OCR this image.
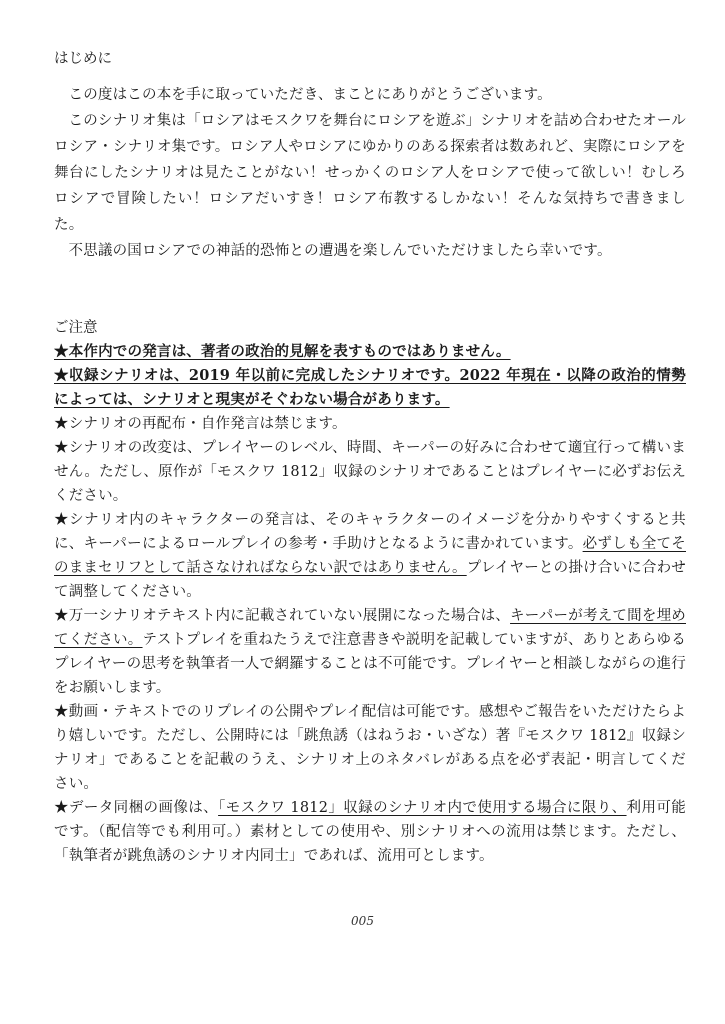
はじめに

この度はこの本を手に取っていただき、まことにありがとうございます。

このシナリオ集は「ロシアはモスクワを舞台にロシアを遊ぶ」シナリオを詰め合わせたオールロシア・シナリオ集です。ロシア人やロシアにゆかりのある探索者は数あれど、実際にロシアを舞台にしたシナリオは見たことがない！せっかくのロシア人をロシアで使って欲しい！むしろロシアで冒険したい！ロシアだいすき！ロシア布教するしかない！そんな気持ちで書きました。

不思議の国ロシアでの神話的恐怖との遭遇を楽しんでいただけましたら幸いです。

ご注意

★本作内での発言は、著者の政治的見解を表すものではありません。

★収録シナリオは、2019 年以前に完成したシナリオです。2022 年現在・以降の政治的情勢によっては、シナリオと現実がそぐわない場合があります。

★シナリオの再配布・自作発言は禁じます。

★シナリオの改変は、プレイヤーのレベル、時間、キーパーの好みに合わせて適宜行って構いません。ただし、原作が「モスクワ 1812」収録のシナリオであることはプレイヤーに必ずお伝えください。

★シナリオ内のキャラクターの発言は、そのキャラクターのイメージを分かりやすくすると共に、キーパーによるロールプレイの参考・手助けとなるように書かれています。必ずしも全てそのままセリフとして話さなければならない訳ではありません。プレイヤーとの掛け合いに合わせて調整してください。

★万一シナリオテキスト内に記載されていない展開になった場合は、キーパーが考えて間を埋めてください。テストプレイを重ねたうえで注意書きや説明を記載していますが、ありとあらゆるプレイヤーの思考を執筆者一人で網羅することは不可能です。プレイヤーと相談しながらの進行をお願いします。

★動画・テキストでのリプレイの公開やプレイ配信は可能です。感想やご報告をいただけたらより嬉しいです。ただし、公開時には「跳魚誘（はねうお・いざな）著『モスクワ 1812』収録シナリオ」であることを記載のうえ、シナリオ上のネタバレがある点を必ず表記・明言してください。

★データ同梱の画像は、「モスクワ 1812」収録のシナリオ内で使用する場合に限り、利用可能です。（配信等でも利用可。）素材としての使用や、別シナリオへの流用は禁じます。ただし、「執筆者が跳魚誘のシナリオ内同士」であれば、流用可とします。

005
